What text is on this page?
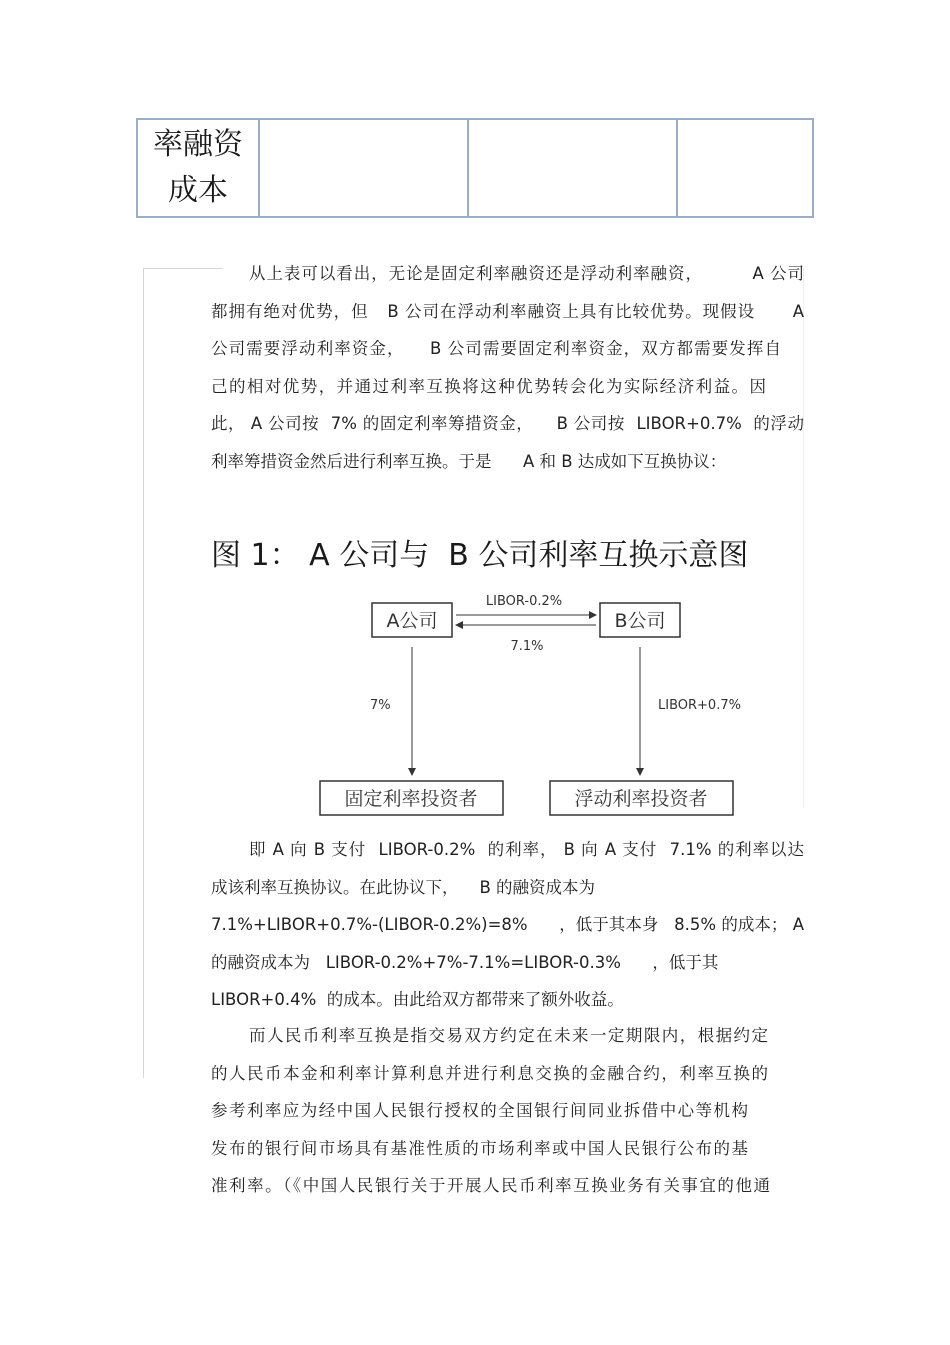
率融资
成本

从上表可以看出，无论是固定利率融资还是浮动利率融资，        A 公司
都拥有绝对优势，但   B 公司在浮动利率融资上具有比较优势。现假设      A
公司需要浮动利率资金，    B 公司需要固定利率资金，双方都需要发挥自
己的相对优势，并通过利率互换将这种优势转会化为实际经济利益。因
此， A 公司按  7% 的固定利率筹措资金，    B 公司按  LIBOR+0.7%  的浮动
利率筹措资金然后进行利率互换。于是      A 和 B 达成如下互换协议：
图 1： A 公司与  B 公司利率互换示意图
A公司	B公司
LIBOR-0.2%
7.1%
7%	LIBOR+0.7%
固定利率投资者	浮动利率投资者
即 A 向 B 支付  LIBOR-0.2%  的利率， B 向 A 支付  7.1% 的利率以达
成该利率互换协议。在此协议下，    B 的融资成本为
7.1%+LIBOR+0.7%-(LIBOR-0.2%)=8%      ，低于其本身   8.5% 的成本； A
的融资成本为   LIBOR-0.2%+7%-7.1%=LIBOR-0.3%      ，低于其
LIBOR+0.4%  的成本。由此给双方都带来了额外收益。
而人民币利率互换是指交易双方约定在未来一定期限内，根据约定
的人民币本金和利率计算利息并进行利息交换的金融合约，利率互换的
参考利率应为经中国人民银行授权的全国银行间同业拆借中心等机构
发布的银行间市场具有基准性质的市场利率或中国人民银行公布的基
准利率。（《中国人民银行关于开展人民币利率互换业务有关事宜的他通
